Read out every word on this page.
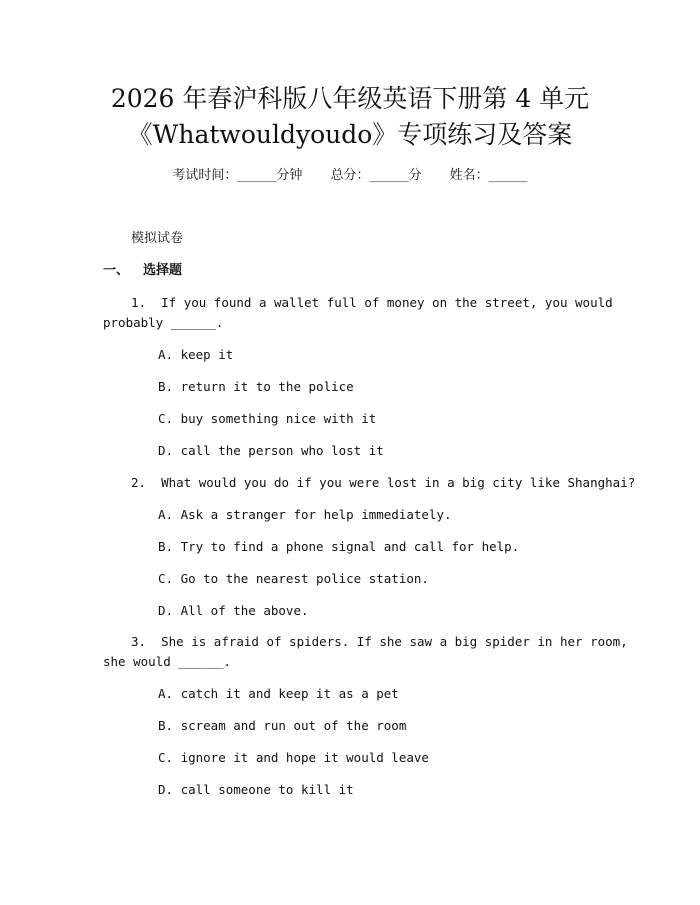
2026 年春沪科版八年级英语下册第 4 单元
《Whatwouldyoudo》专项练习及答案
考试时间：______分钟 总分：______分 姓名：______
模拟试卷
一、 选择题
1. If you found a wallet full of money on the street, you would
probably ______.
A. keep it
B. return it to the police
C. buy something nice with it
D. call the person who lost it
2. What would you do if you were lost in a big city like Shanghai?
A. Ask a stranger for help immediately.
B. Try to find a phone signal and call for help.
C. Go to the nearest police station.
D. All of the above.
3. She is afraid of spiders. If she saw a big spider in her room,
she would ______.
A. catch it and keep it as a pet
B. scream and run out of the room
C. ignore it and hope it would leave
D. call someone to kill it
